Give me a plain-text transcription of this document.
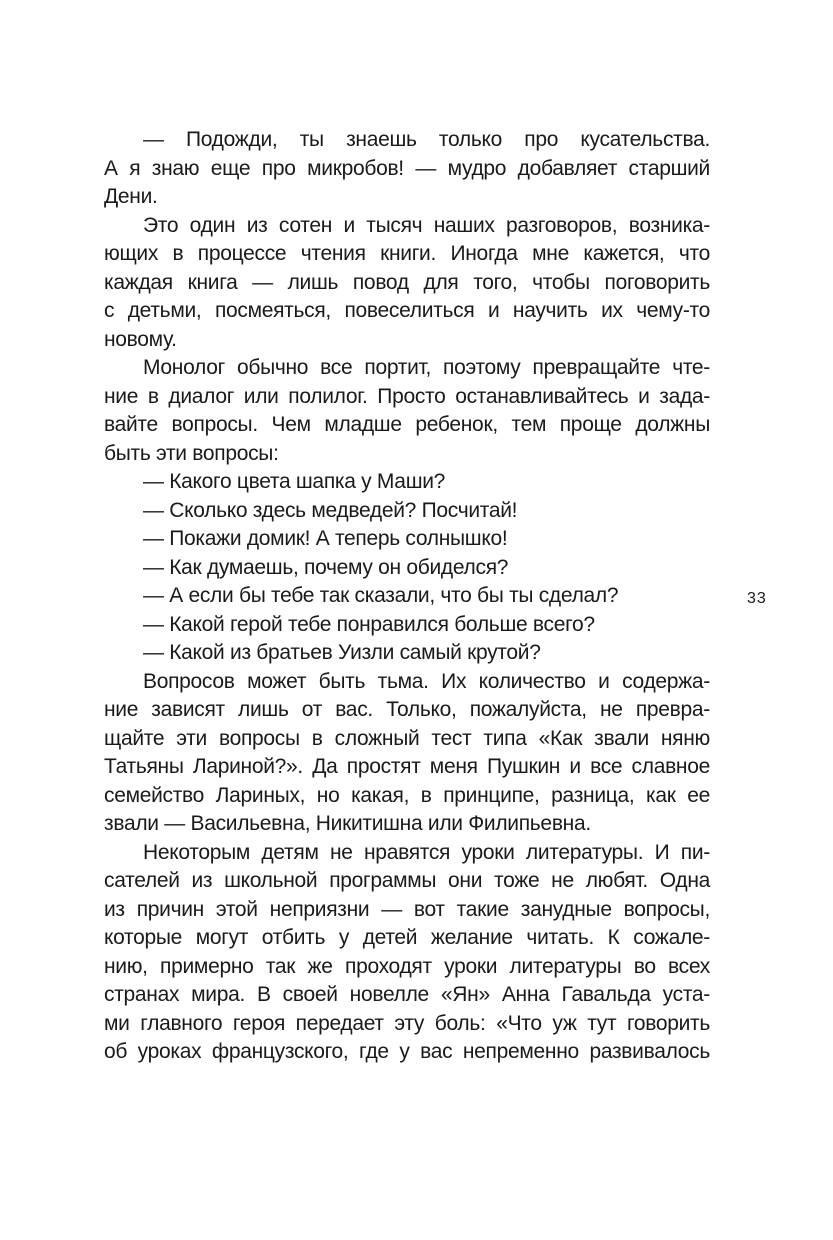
— Подожди, ты знаешь только про кусательства.
А я знаю еще про микробов! — мудро добавляет старший
Дени.
Это один из сотен и тысяч наших разговоров, возника-
ющих в процессе чтения книги. Иногда мне кажется, что
каждая книга — лишь повод для того, чтобы поговорить
с детьми, посмеяться, повеселиться и научить их чему-то
новому.
Монолог обычно все портит, поэтому превращайте чте-
ние в диалог или полилог. Просто останавливайтесь и зада-
вайте вопросы. Чем младше ребенок, тем проще должны
быть эти вопросы:
— Какого цвета шапка у Маши?
— Сколько здесь медведей? Посчитай!
— Покажи домик! А теперь солнышко!
— Как думаешь, почему он обиделся?
— А если бы тебе так сказали, что бы ты сделал?
— Какой герой тебе понравился больше всего?
— Какой из братьев Уизли самый крутой?
Вопросов может быть тьма. Их количество и содержа-
ние зависят лишь от вас. Только, пожалуйста, не превра-
щайте эти вопросы в сложный тест типа «Как звали няню
Татьяны Лариной?». Да простят меня Пушкин и все славное
семейство Лариных, но какая, в принципе, разница, как ее
звали — Васильевна, Никитишна или Филипьевна.
Некоторым детям не нравятся уроки литературы. И пи-
сателей из школьной программы они тоже не любят. Одна
из причин этой неприязни — вот такие занудные вопросы,
которые могут отбить у детей желание читать. К сожале-
нию, примерно так же проходят уроки литературы во всех
странах мира. В своей новелле «Ян» Анна Гавальда уста-
ми главного героя передает эту боль: «Что уж тут говорить
об уроках французского, где у вас непременно развивалось
33
